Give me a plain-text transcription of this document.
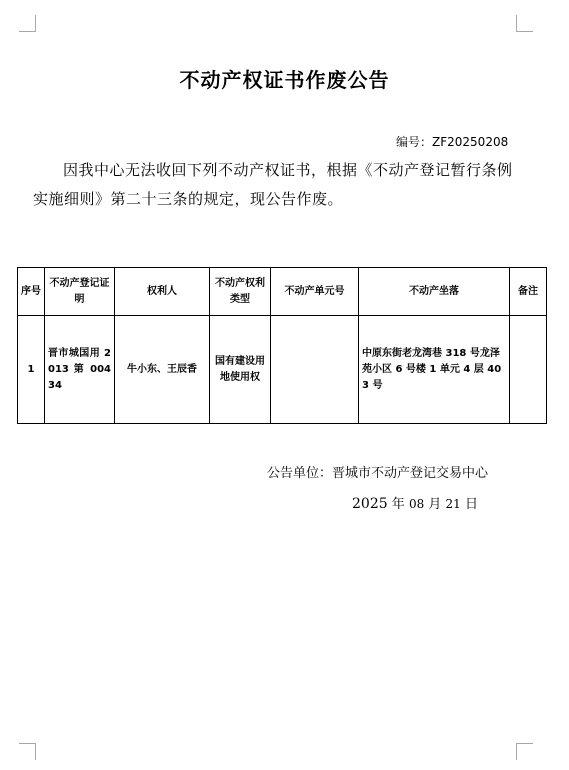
不动产权证书作废公告
编号：ZF20250208
因我中心无法收回下列不动产权证书，根据《不动产登记暂行条例实施细则》第二十三条的规定，现公告作废。
序号	不动产登记证明	权利人	不动产权利类型	不动产单元号	不动产坐落	备注
1	晋市城国用 2013 第 00434	牛小东、王辰香	国有建设用地使用权		中原东街老龙湾巷 318 号龙泽苑小区 6 号楼 1 单元 4 层 403 号	
公告单位：晋城市不动产登记交易中心
2025 年 08 月 21 日
